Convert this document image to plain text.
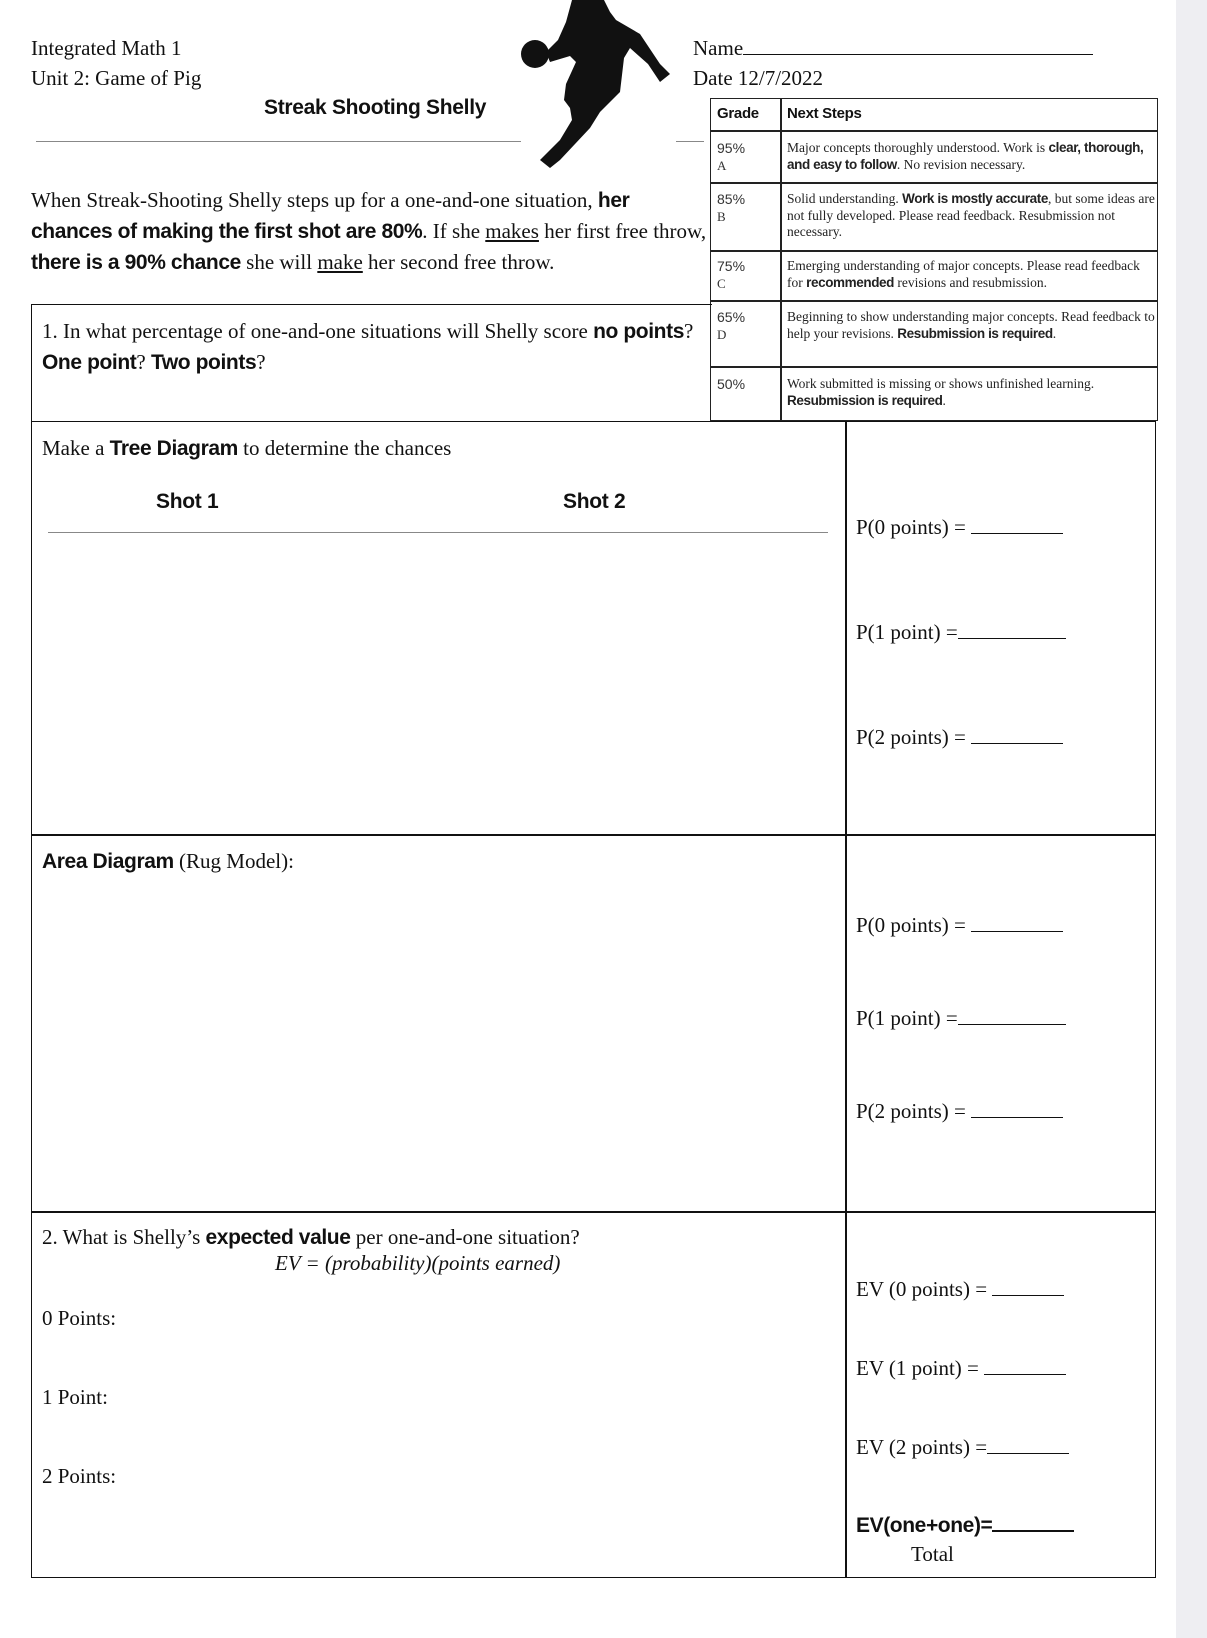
Integrated Math 1
Unit 2: Game of Pig
Streak Shooting Shelly
Name
Date 12/7/2022
When Streak-Shooting Shelly steps up for a one-and-one situation, her chances of making the first shot are 80%. If she makes her first free throw, there is a 90% chance she will make her second free throw.
Grade Next Steps
95%
A
Major concepts thoroughly understood. Work is clear, thorough, and easy to follow. No revision necessary.
85%
B
Solid understanding. Work is mostly accurate, but some ideas are not fully developed. Please read feedback. Resubmission not necessary.
75%
C
Emerging understanding of major concepts. Please read feedback for recommended revisions and resubmission.
65%
D
Beginning to show understanding major concepts. Read feedback to help your revisions. Resubmission is required.
50%	Work submitted is missing or shows unfinished learning. Resubmission is required.
1. In what percentage of one-and-one situations will Shelly score no points? One point? Two points?
Make a Tree Diagram to determine the chances
Shot 1	Shot 2
P(0 points) =
P(1 point) =
P(2 points) =
Area Diagram (Rug Model):
P(0 points) =
P(1 point) =
P(2 points) =
2. What is Shelly’s expected value per one-and-one situation?
EV = (probability)(points earned)
0 Points:
1 Point:
2 Points:
EV (0 points) =
EV (1 point) =
EV (2 points) =
EV(one+one)=
Total
